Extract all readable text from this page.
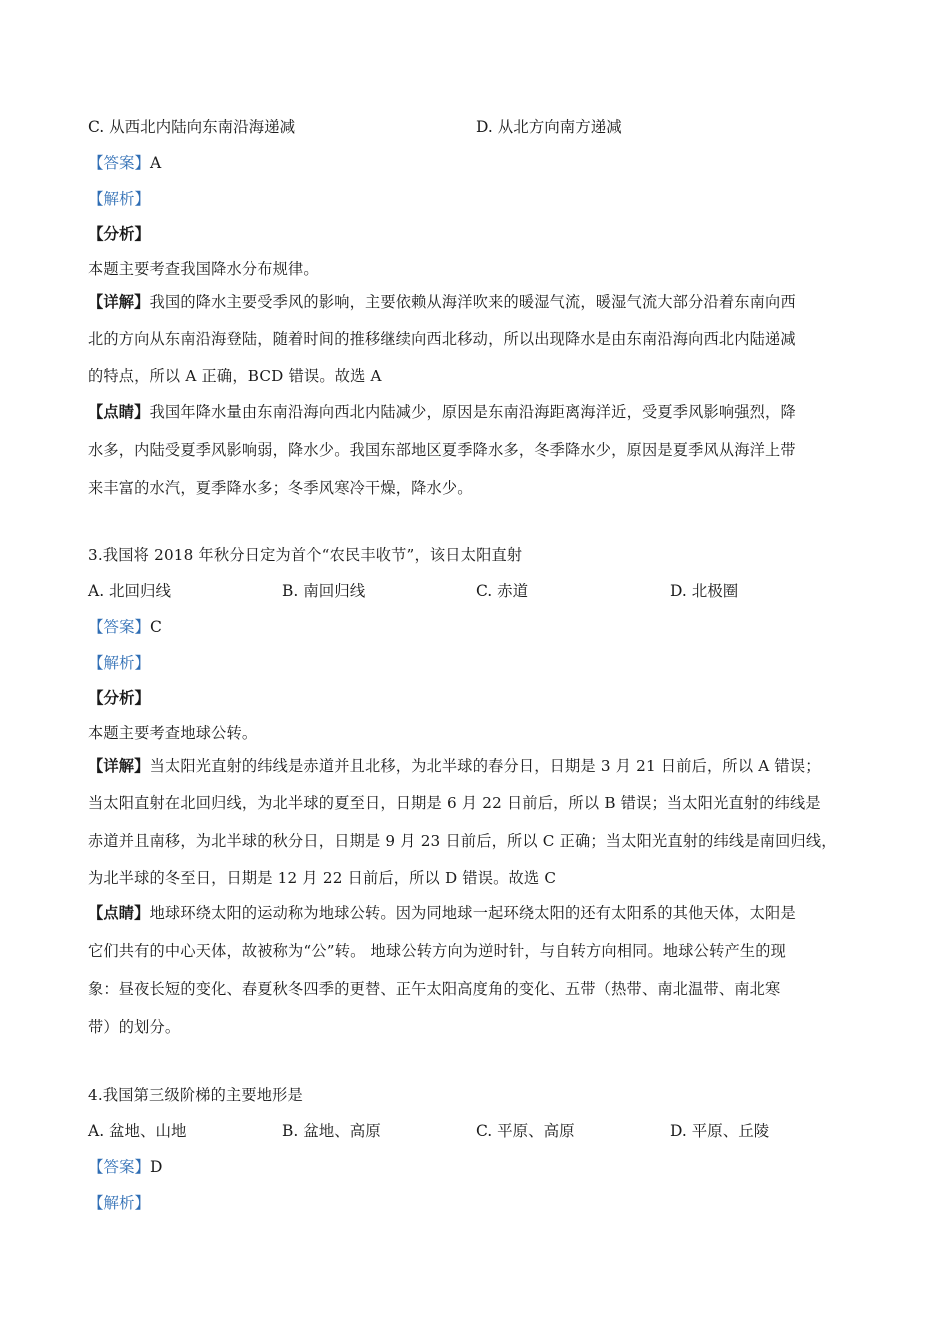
C. 从西北内陆向东南沿海递减	D. 从北方向南方递减
【答案】A
【解析】
【分析】
本题主要考查我国降水分布规律。
【详解】我国的降水主要受季风的影响，主要依赖从海洋吹来的暖湿气流，暖湿气流大部分沿着东南向西
北的方向从东南沿海登陆，随着时间的推移继续向西北移动，所以出现降水是由东南沿海向西北内陆递减
的特点，所以 A 正确，BCD 错误。故选 A
【点睛】我国年降水量由东南沿海向西北内陆减少，原因是东南沿海距离海洋近，受夏季风影响强烈，降
水多，内陆受夏季风影响弱，降水少。我国东部地区夏季降水多，冬季降水少，原因是夏季风从海洋上带
来丰富的水汽，夏季降水多；冬季风寒冷干燥，降水少。
3.我国将 2018 年秋分日定为首个“农民丰收节”，该日太阳直射
A. 北回归线	B. 南回归线	C. 赤道	D. 北极圈
【答案】C
【解析】
【分析】
本题主要考查地球公转。
【详解】当太阳光直射的纬线是赤道并且北移，为北半球的春分日，日期是 3 月 21 日前后，所以 A 错误；
当太阳直射在北回归线，为北半球的夏至日，日期是 6 月 22 日前后，所以 B 错误；当太阳光直射的纬线是
赤道并且南移，为北半球的秋分日，日期是 9 月 23 日前后，所以 C 正确；当太阳光直射的纬线是南回归线，
为北半球的冬至日，日期是 12 月 22 日前后，所以 D 错误。故选 C
【点睛】地球环绕太阳的运动称为地球公转。因为同地球一起环绕太阳的还有太阳系的其他天体，太阳是
它们共有的中心天体，故被称为“公”转。 地球公转方向为逆时针，与自转方向相同。地球公转产生的现
象：昼夜长短的变化、春夏秋冬四季的更替、正午太阳高度角的变化、五带（热带、南北温带、南北寒
带）的划分。
4.我国第三级阶梯的主要地形是
A. 盆地、山地	B. 盆地、高原	C. 平原、高原	D. 平原、丘陵
【答案】D
【解析】
